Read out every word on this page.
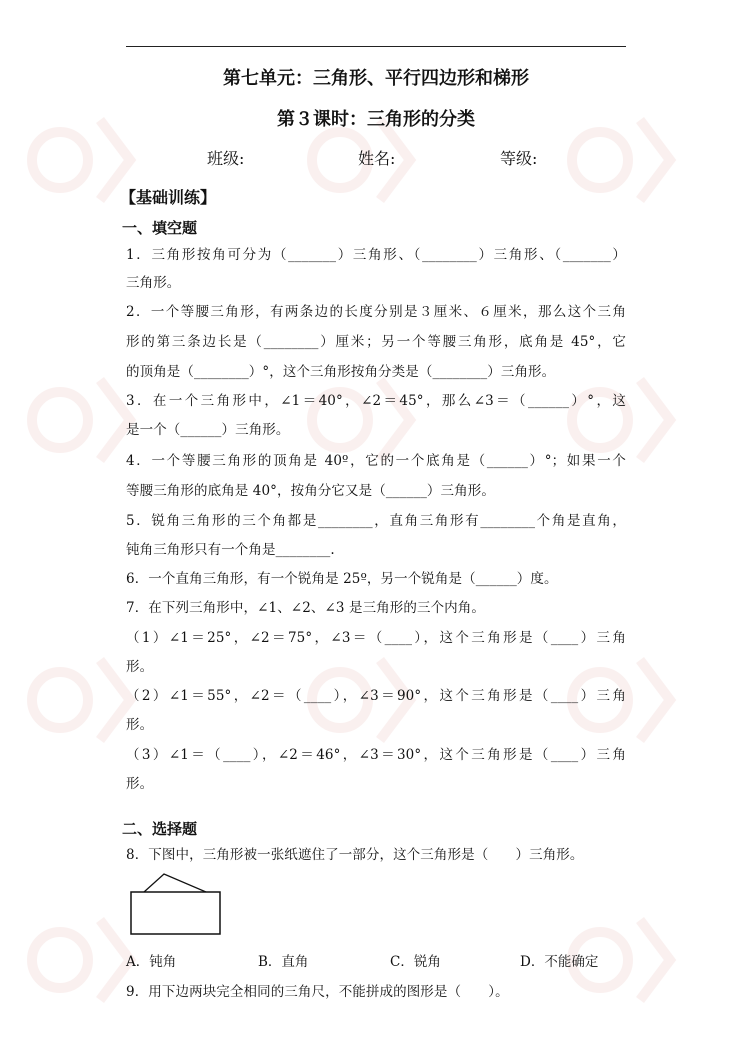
第七单元：三角形、平行四边形和梯形
第３课时：三角形的分类
班级:	姓名:	等级:
【基础训练】
一、填空题
1．三角形按角可分为（_______）三角形、（________）三角形、（_______）
三角形。
2．一个等腰三角形，有两条边的长度分别是３厘米、６厘米，那么这个三角
形的第三条边长是（________）厘米；另一个等腰三角形，底角是 45°，它
的顶角是（________）°，这个三角形按角分类是（________）三角形。
3．在一个三角形中，∠1＝40°，∠2＝45°，那么∠3＝（______）°，这
是一个（______）三角形。
4．一个等腰三角形的顶角是 40º，它的一个底角是（______）°；如果一个
等腰三角形的底角是 40°，按角分它又是（______）三角形。
5．锐角三角形的三个角都是________，直角三角形有________个角是直角，
钝角三角形只有一个角是________.
6．一个直角三角形，有一个锐角是 25º，另一个锐角是（______）度。
7．在下列三角形中，∠1、∠2、∠3 是三角形的三个内角。
（1）∠1＝25°，∠2＝75°，∠3＝（____），这个三角形是（____）三角
形。
（2）∠1＝55°，∠2＝（____），∠3＝90°，这个三角形是（____）三角
形。
（3）∠1＝（____），∠2＝46°，∠3＝30°，这个三角形是（____）三角
形。
二、选择题
8．下图中，三角形被一张纸遮住了一部分，这个三角形是（　　）三角形。
A．钝角	B．直角	C．锐角	D．不能确定
9．用下边两块完全相同的三角尺，不能拼成的图形是（　　）。
